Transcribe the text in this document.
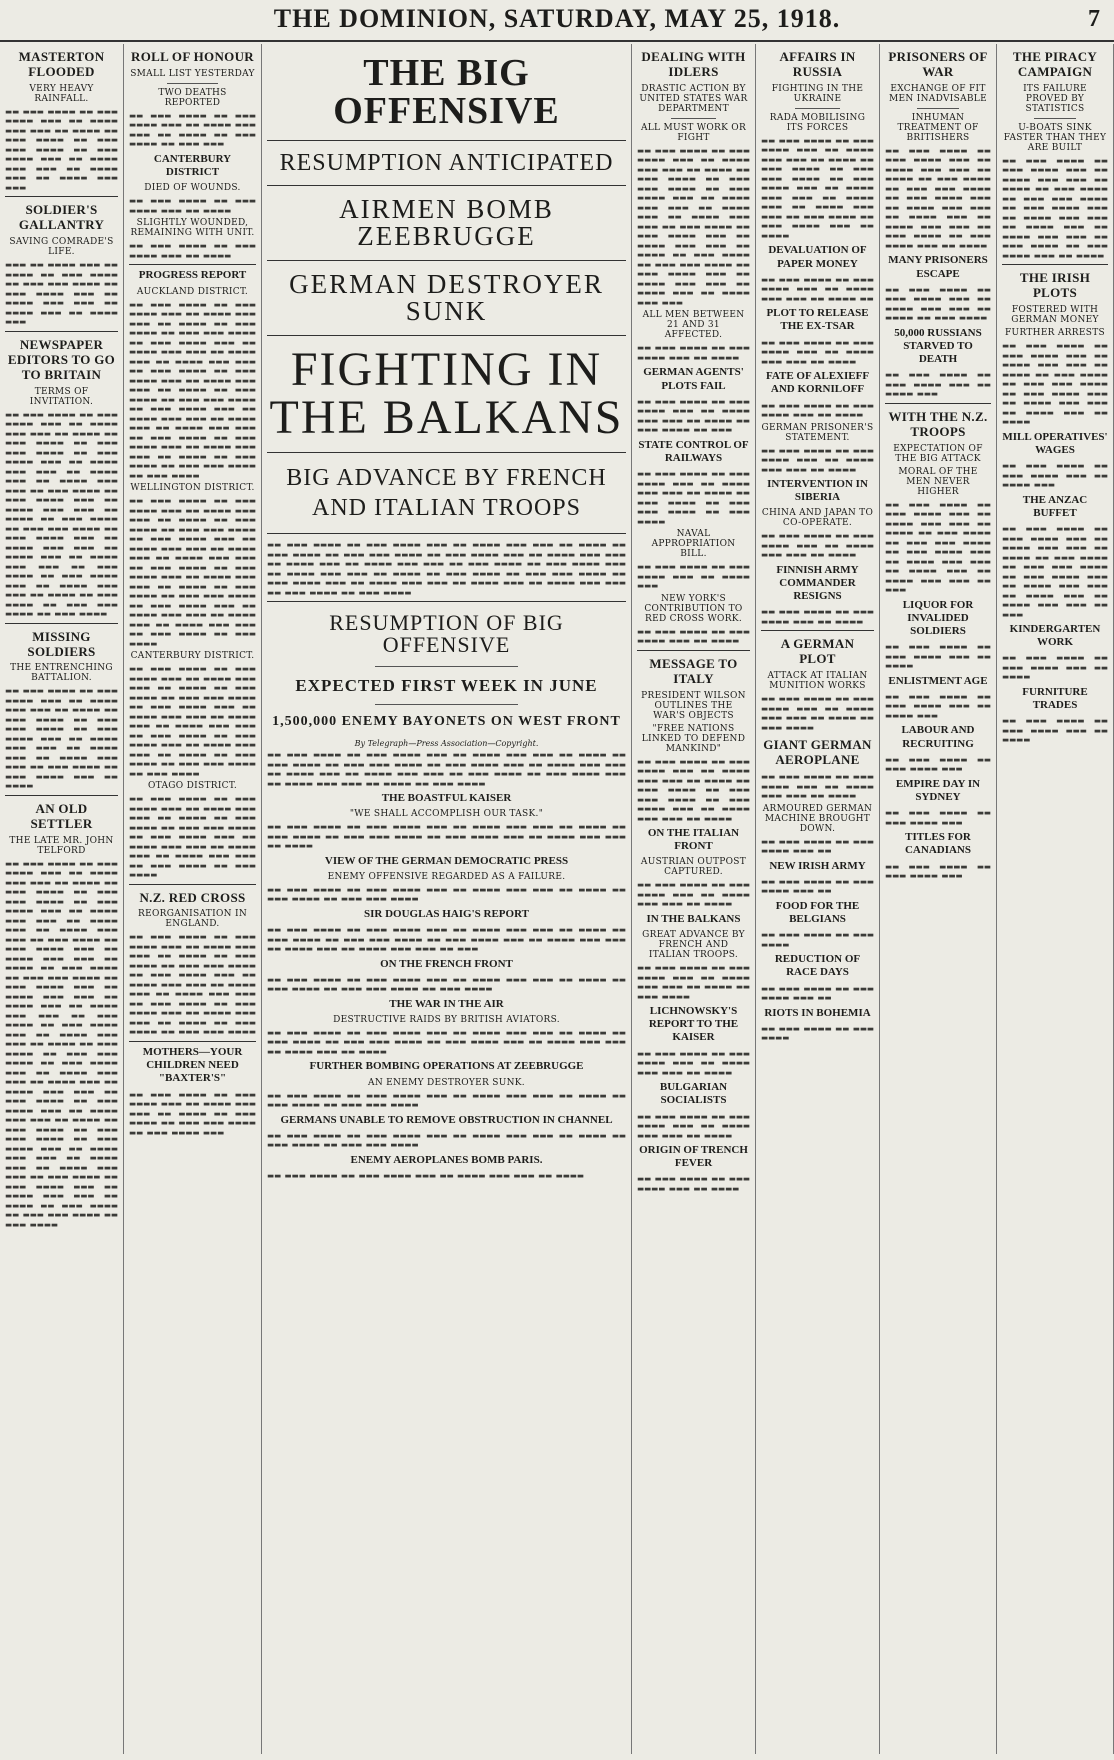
THE DOMINION, SATURDAY, MAY 25, 1918.	7
MASTERTON FLOODED
VERY HEAVY RAINFALL.
▬▬ ▬▬▬ ▬▬▬▬ ▬▬ ▬▬▬ ▬▬▬▬ ▬▬▬ ▬▬ ▬▬▬▬ ▬▬▬ ▬▬▬ ▬▬ ▬▬▬▬ ▬▬ ▬▬▬ ▬▬▬▬ ▬▬ ▬▬▬ ▬▬▬ ▬▬▬▬ ▬▬ ▬▬▬ ▬▬▬▬ ▬▬▬ ▬▬ ▬▬▬▬ ▬▬▬ ▬▬▬ ▬▬ ▬▬▬▬ ▬▬▬ ▬▬ ▬▬▬▬ ▬▬▬ ▬▬▬
SOLDIER'S GALLANTRY
SAVING COMRADE'S LIFE.
▬▬▬ ▬▬ ▬▬▬▬ ▬▬▬ ▬▬ ▬▬▬▬ ▬▬ ▬▬▬ ▬▬▬▬ ▬▬ ▬▬▬ ▬▬▬ ▬▬▬▬ ▬▬ ▬▬▬ ▬▬▬▬ ▬▬▬ ▬▬ ▬▬▬▬ ▬▬▬ ▬▬▬ ▬▬ ▬▬▬▬ ▬▬▬ ▬▬ ▬▬▬▬ ▬▬▬
NEWSPAPER EDITORS TO GO TO BRITAIN
TERMS OF INVITATION.
▬▬ ▬▬▬ ▬▬▬▬ ▬▬ ▬▬▬ ▬▬▬▬ ▬▬▬ ▬▬ ▬▬▬▬ ▬▬▬ ▬▬▬ ▬▬ ▬▬▬▬ ▬▬ ▬▬▬ ▬▬▬▬ ▬▬ ▬▬▬ ▬▬▬ ▬▬▬▬ ▬▬ ▬▬▬ ▬▬▬▬ ▬▬▬ ▬▬ ▬▬▬▬ ▬▬▬ ▬▬▬ ▬▬ ▬▬▬▬ ▬▬▬ ▬▬ ▬▬▬▬ ▬▬▬ ▬▬▬ ▬▬ ▬▬▬ ▬▬▬▬ ▬▬ ▬▬▬ ▬▬▬▬ ▬▬▬ ▬▬ ▬▬▬▬ ▬▬▬ ▬▬▬ ▬▬ ▬▬▬▬ ▬▬ ▬▬▬ ▬▬▬▬ ▬▬ ▬▬▬ ▬▬▬ ▬▬▬▬ ▬▬ ▬▬▬ ▬▬▬▬ ▬▬▬ ▬▬ ▬▬▬▬ ▬▬▬ ▬▬▬ ▬▬ ▬▬▬▬ ▬▬▬ ▬▬ ▬▬▬▬ ▬▬▬ ▬▬▬ ▬▬ ▬▬▬ ▬▬▬▬ ▬▬ ▬▬▬ ▬▬▬▬ ▬▬▬ ▬▬ ▬▬▬▬ ▬▬▬ ▬▬▬ ▬▬ ▬▬▬▬ ▬▬ ▬▬▬ ▬▬▬▬ ▬▬ ▬▬▬ ▬▬▬ ▬▬▬▬ ▬▬ ▬▬▬ ▬▬▬▬
MISSING SOLDIERS
THE ENTRENCHING BATTALION.
▬▬ ▬▬▬ ▬▬▬▬ ▬▬ ▬▬▬ ▬▬▬▬ ▬▬▬ ▬▬ ▬▬▬▬ ▬▬▬ ▬▬▬ ▬▬ ▬▬▬▬ ▬▬ ▬▬▬ ▬▬▬▬ ▬▬ ▬▬▬ ▬▬▬ ▬▬▬▬ ▬▬ ▬▬▬ ▬▬▬▬ ▬▬▬ ▬▬ ▬▬▬▬ ▬▬▬ ▬▬▬ ▬▬ ▬▬▬▬ ▬▬▬ ▬▬ ▬▬▬▬ ▬▬▬ ▬▬▬ ▬▬ ▬▬▬ ▬▬▬▬ ▬▬ ▬▬▬ ▬▬▬▬ ▬▬▬ ▬▬ ▬▬▬▬
AN OLD SETTLER
THE LATE MR. JOHN TELFORD
▬▬ ▬▬▬ ▬▬▬▬ ▬▬ ▬▬▬ ▬▬▬▬ ▬▬▬ ▬▬ ▬▬▬▬ ▬▬▬ ▬▬▬ ▬▬ ▬▬▬▬ ▬▬ ▬▬▬ ▬▬▬▬ ▬▬ ▬▬▬ ▬▬▬ ▬▬▬▬ ▬▬ ▬▬▬ ▬▬▬▬ ▬▬▬ ▬▬ ▬▬▬▬ ▬▬▬ ▬▬▬ ▬▬ ▬▬▬▬ ▬▬▬ ▬▬ ▬▬▬▬ ▬▬▬ ▬▬▬ ▬▬ ▬▬▬ ▬▬▬▬ ▬▬ ▬▬▬ ▬▬▬▬ ▬▬▬ ▬▬ ▬▬▬▬ ▬▬▬ ▬▬▬ ▬▬ ▬▬▬▬ ▬▬ ▬▬▬ ▬▬▬▬ ▬▬ ▬▬▬ ▬▬▬ ▬▬▬▬ ▬▬ ▬▬▬ ▬▬▬▬ ▬▬▬ ▬▬ ▬▬▬▬ ▬▬▬ ▬▬▬ ▬▬ ▬▬▬▬ ▬▬▬ ▬▬ ▬▬▬▬ ▬▬▬ ▬▬▬ ▬▬ ▬▬▬ ▬▬▬▬ ▬▬ ▬▬▬ ▬▬▬▬ ▬▬▬ ▬▬ ▬▬▬▬ ▬▬▬ ▬▬▬ ▬▬ ▬▬▬▬ ▬▬ ▬▬▬ ▬▬▬▬ ▬▬ ▬▬▬ ▬▬▬ ▬▬▬▬ ▬▬ ▬▬▬ ▬▬▬▬ ▬▬▬ ▬▬ ▬▬▬▬ ▬▬▬ ▬▬▬ ▬▬ ▬▬▬▬ ▬▬▬ ▬▬ ▬▬▬▬ ▬▬▬ ▬▬▬ ▬▬ ▬▬▬ ▬▬▬▬ ▬▬ ▬▬▬ ▬▬▬▬ ▬▬▬ ▬▬ ▬▬▬▬ ▬▬▬ ▬▬▬ ▬▬ ▬▬▬▬ ▬▬ ▬▬▬ ▬▬▬▬ ▬▬ ▬▬▬ ▬▬▬ ▬▬▬▬ ▬▬ ▬▬▬ ▬▬▬▬ ▬▬▬ ▬▬ ▬▬▬▬ ▬▬▬ ▬▬▬ ▬▬ ▬▬▬▬ ▬▬▬ ▬▬ ▬▬▬▬ ▬▬▬ ▬▬▬ ▬▬ ▬▬▬ ▬▬▬▬ ▬▬ ▬▬▬ ▬▬▬▬ ▬▬▬ ▬▬ ▬▬▬▬ ▬▬▬ ▬▬▬ ▬▬ ▬▬▬▬ ▬▬ ▬▬▬ ▬▬▬▬ ▬▬ ▬▬▬ ▬▬▬ ▬▬▬▬ ▬▬ ▬▬▬ ▬▬▬▬
ROLL OF HONOUR
SMALL LIST YESTERDAY
TWO DEATHS REPORTED
▬▬ ▬▬▬ ▬▬▬▬ ▬▬ ▬▬▬ ▬▬▬▬ ▬▬▬ ▬▬ ▬▬▬▬ ▬▬▬ ▬▬▬ ▬▬ ▬▬▬▬ ▬▬ ▬▬▬ ▬▬▬▬ ▬▬ ▬▬▬ ▬▬▬
CANTERBURY DISTRICT
DIED OF WOUNDS.
▬▬ ▬▬▬ ▬▬▬▬ ▬▬ ▬▬▬ ▬▬▬▬ ▬▬▬ ▬▬ ▬▬▬▬
SLIGHTLY WOUNDED, REMAINING WITH UNIT.
▬▬ ▬▬▬ ▬▬▬▬ ▬▬ ▬▬▬ ▬▬▬▬ ▬▬▬ ▬▬ ▬▬▬▬
PROGRESS REPORT
AUCKLAND DISTRICT.
▬▬ ▬▬▬ ▬▬▬▬ ▬▬ ▬▬▬ ▬▬▬▬ ▬▬▬ ▬▬ ▬▬▬▬ ▬▬▬ ▬▬▬ ▬▬ ▬▬▬▬ ▬▬ ▬▬▬ ▬▬▬▬ ▬▬ ▬▬▬ ▬▬▬ ▬▬▬▬ ▬▬ ▬▬▬ ▬▬▬▬ ▬▬▬ ▬▬ ▬▬▬▬ ▬▬▬ ▬▬▬ ▬▬ ▬▬▬▬ ▬▬▬ ▬▬ ▬▬▬▬ ▬▬▬ ▬▬▬ ▬▬ ▬▬▬ ▬▬▬▬ ▬▬ ▬▬▬ ▬▬▬▬ ▬▬▬ ▬▬ ▬▬▬▬ ▬▬▬ ▬▬▬ ▬▬ ▬▬▬▬ ▬▬ ▬▬▬ ▬▬▬▬ ▬▬ ▬▬▬ ▬▬▬ ▬▬▬▬ ▬▬ ▬▬▬ ▬▬▬▬ ▬▬▬ ▬▬ ▬▬▬▬ ▬▬▬ ▬▬▬ ▬▬ ▬▬▬▬ ▬▬▬ ▬▬ ▬▬▬▬ ▬▬▬ ▬▬▬ ▬▬ ▬▬▬ ▬▬▬▬ ▬▬ ▬▬▬ ▬▬▬▬ ▬▬▬ ▬▬ ▬▬▬▬ ▬▬▬ ▬▬▬ ▬▬ ▬▬▬▬ ▬▬ ▬▬▬ ▬▬▬▬ ▬▬ ▬▬▬ ▬▬▬ ▬▬▬▬ ▬▬ ▬▬▬ ▬▬▬▬
WELLINGTON DISTRICT.
▬▬ ▬▬▬ ▬▬▬▬ ▬▬ ▬▬▬ ▬▬▬▬ ▬▬▬ ▬▬ ▬▬▬▬ ▬▬▬ ▬▬▬ ▬▬ ▬▬▬▬ ▬▬ ▬▬▬ ▬▬▬▬ ▬▬ ▬▬▬ ▬▬▬ ▬▬▬▬ ▬▬ ▬▬▬ ▬▬▬▬ ▬▬▬ ▬▬ ▬▬▬▬ ▬▬▬ ▬▬▬ ▬▬ ▬▬▬▬ ▬▬▬ ▬▬ ▬▬▬▬ ▬▬▬ ▬▬▬ ▬▬ ▬▬▬ ▬▬▬▬ ▬▬ ▬▬▬ ▬▬▬▬ ▬▬▬ ▬▬ ▬▬▬▬ ▬▬▬ ▬▬▬ ▬▬ ▬▬▬▬ ▬▬ ▬▬▬ ▬▬▬▬ ▬▬ ▬▬▬ ▬▬▬ ▬▬▬▬ ▬▬ ▬▬▬ ▬▬▬▬ ▬▬▬ ▬▬ ▬▬▬▬ ▬▬▬ ▬▬▬ ▬▬ ▬▬▬▬ ▬▬▬ ▬▬ ▬▬▬▬ ▬▬▬ ▬▬▬ ▬▬ ▬▬▬ ▬▬▬▬ ▬▬ ▬▬▬ ▬▬▬▬
CANTERBURY DISTRICT.
▬▬ ▬▬▬ ▬▬▬▬ ▬▬ ▬▬▬ ▬▬▬▬ ▬▬▬ ▬▬ ▬▬▬▬ ▬▬▬ ▬▬▬ ▬▬ ▬▬▬▬ ▬▬ ▬▬▬ ▬▬▬▬ ▬▬ ▬▬▬ ▬▬▬ ▬▬▬▬ ▬▬ ▬▬▬ ▬▬▬▬ ▬▬▬ ▬▬ ▬▬▬▬ ▬▬▬ ▬▬▬ ▬▬ ▬▬▬▬ ▬▬▬ ▬▬ ▬▬▬▬ ▬▬▬ ▬▬▬ ▬▬ ▬▬▬ ▬▬▬▬ ▬▬ ▬▬▬ ▬▬▬▬ ▬▬▬ ▬▬ ▬▬▬▬ ▬▬▬ ▬▬▬ ▬▬ ▬▬▬▬ ▬▬ ▬▬▬ ▬▬▬▬ ▬▬ ▬▬▬ ▬▬▬ ▬▬▬▬ ▬▬ ▬▬▬ ▬▬▬▬
OTAGO DISTRICT.
▬▬ ▬▬▬ ▬▬▬▬ ▬▬ ▬▬▬ ▬▬▬▬ ▬▬▬ ▬▬ ▬▬▬▬ ▬▬▬ ▬▬▬ ▬▬ ▬▬▬▬ ▬▬ ▬▬▬ ▬▬▬▬ ▬▬ ▬▬▬ ▬▬▬ ▬▬▬▬ ▬▬ ▬▬▬ ▬▬▬▬ ▬▬▬ ▬▬ ▬▬▬▬ ▬▬▬ ▬▬▬ ▬▬ ▬▬▬▬ ▬▬▬ ▬▬ ▬▬▬▬ ▬▬▬ ▬▬▬ ▬▬ ▬▬▬ ▬▬▬▬ ▬▬ ▬▬▬ ▬▬▬▬
N.Z. RED CROSS
REORGANISATION IN ENGLAND.
▬▬ ▬▬▬ ▬▬▬▬ ▬▬ ▬▬▬ ▬▬▬▬ ▬▬▬ ▬▬ ▬▬▬▬ ▬▬▬ ▬▬▬ ▬▬ ▬▬▬▬ ▬▬ ▬▬▬ ▬▬▬▬ ▬▬ ▬▬▬ ▬▬▬ ▬▬▬▬ ▬▬ ▬▬▬ ▬▬▬▬ ▬▬▬ ▬▬ ▬▬▬▬ ▬▬▬ ▬▬▬ ▬▬ ▬▬▬▬ ▬▬▬ ▬▬ ▬▬▬▬ ▬▬▬ ▬▬▬ ▬▬ ▬▬▬ ▬▬▬▬ ▬▬ ▬▬▬ ▬▬▬▬ ▬▬▬ ▬▬ ▬▬▬▬ ▬▬▬ ▬▬▬ ▬▬ ▬▬▬▬ ▬▬ ▬▬▬ ▬▬▬▬ ▬▬ ▬▬▬ ▬▬▬ ▬▬▬▬
MOTHERS—YOUR CHILDREN NEED "BAXTER'S"
▬▬ ▬▬▬ ▬▬▬▬ ▬▬ ▬▬▬ ▬▬▬▬ ▬▬▬ ▬▬ ▬▬▬▬ ▬▬▬ ▬▬▬ ▬▬ ▬▬▬▬ ▬▬ ▬▬▬ ▬▬▬▬ ▬▬ ▬▬▬ ▬▬▬ ▬▬▬▬ ▬▬ ▬▬▬ ▬▬▬▬ ▬▬▬
THE BIG OFFENSIVE
RESUMPTION ANTICIPATED
AIRMEN BOMB ZEEBRUGGE
GERMAN DESTROYER SUNK
FIGHTING IN THE BALKANS
BIG ADVANCE BY FRENCH AND ITALIAN TROOPS
▬▬ ▬▬▬ ▬▬▬▬ ▬▬ ▬▬▬ ▬▬▬▬ ▬▬▬ ▬▬ ▬▬▬▬ ▬▬▬ ▬▬▬ ▬▬ ▬▬▬▬ ▬▬ ▬▬▬ ▬▬▬▬ ▬▬ ▬▬▬ ▬▬▬ ▬▬▬▬ ▬▬ ▬▬▬ ▬▬▬▬ ▬▬▬ ▬▬ ▬▬▬▬ ▬▬▬ ▬▬▬ ▬▬ ▬▬▬▬ ▬▬▬ ▬▬ ▬▬▬▬ ▬▬▬ ▬▬▬ ▬▬ ▬▬▬ ▬▬▬▬ ▬▬ ▬▬▬ ▬▬▬▬ ▬▬▬ ▬▬ ▬▬▬▬ ▬▬▬ ▬▬▬ ▬▬ ▬▬▬▬ ▬▬ ▬▬▬ ▬▬▬▬ ▬▬ ▬▬▬ ▬▬▬ ▬▬▬▬ ▬▬ ▬▬▬ ▬▬▬▬ ▬▬▬ ▬▬ ▬▬▬▬ ▬▬▬ ▬▬▬ ▬▬ ▬▬▬▬ ▬▬▬ ▬▬ ▬▬▬▬ ▬▬▬ ▬▬▬ ▬▬ ▬▬▬ ▬▬▬▬ ▬▬ ▬▬▬ ▬▬▬▬
RESUMPTION OF BIG OFFENSIVE
EXPECTED FIRST WEEK IN JUNE
1,500,000 ENEMY BAYONETS ON WEST FRONT
By Telegraph—Press Association—Copyright.
▬▬ ▬▬▬ ▬▬▬▬ ▬▬ ▬▬▬ ▬▬▬▬ ▬▬▬ ▬▬ ▬▬▬▬ ▬▬▬ ▬▬▬ ▬▬ ▬▬▬▬ ▬▬ ▬▬▬ ▬▬▬▬ ▬▬ ▬▬▬ ▬▬▬ ▬▬▬▬ ▬▬ ▬▬▬ ▬▬▬▬ ▬▬▬ ▬▬ ▬▬▬▬ ▬▬▬ ▬▬▬ ▬▬ ▬▬▬▬ ▬▬▬ ▬▬ ▬▬▬▬ ▬▬▬ ▬▬▬ ▬▬ ▬▬▬ ▬▬▬▬ ▬▬ ▬▬▬ ▬▬▬▬ ▬▬▬ ▬▬ ▬▬▬▬ ▬▬▬ ▬▬▬ ▬▬ ▬▬▬▬ ▬▬ ▬▬▬ ▬▬▬▬
THE BOASTFUL KAISER
"WE SHALL ACCOMPLISH OUR TASK."
▬▬ ▬▬▬ ▬▬▬▬ ▬▬ ▬▬▬ ▬▬▬▬ ▬▬▬ ▬▬ ▬▬▬▬ ▬▬▬ ▬▬▬ ▬▬ ▬▬▬▬ ▬▬ ▬▬▬ ▬▬▬▬ ▬▬ ▬▬▬ ▬▬▬ ▬▬▬▬ ▬▬ ▬▬▬ ▬▬▬▬ ▬▬▬ ▬▬ ▬▬▬▬ ▬▬▬ ▬▬▬ ▬▬ ▬▬▬▬
VIEW OF THE GERMAN DEMOCRATIC PRESS
ENEMY OFFENSIVE REGARDED AS A FAILURE.
▬▬ ▬▬▬ ▬▬▬▬ ▬▬ ▬▬▬ ▬▬▬▬ ▬▬▬ ▬▬ ▬▬▬▬ ▬▬▬ ▬▬▬ ▬▬ ▬▬▬▬ ▬▬ ▬▬▬ ▬▬▬▬ ▬▬ ▬▬▬ ▬▬▬ ▬▬▬▬
SIR DOUGLAS HAIG'S REPORT
▬▬ ▬▬▬ ▬▬▬▬ ▬▬ ▬▬▬ ▬▬▬▬ ▬▬▬ ▬▬ ▬▬▬▬ ▬▬▬ ▬▬▬ ▬▬ ▬▬▬▬ ▬▬ ▬▬▬ ▬▬▬▬ ▬▬ ▬▬▬ ▬▬▬ ▬▬▬▬ ▬▬ ▬▬▬ ▬▬▬▬ ▬▬▬ ▬▬ ▬▬▬▬ ▬▬▬ ▬▬▬ ▬▬ ▬▬▬▬ ▬▬▬ ▬▬ ▬▬▬▬ ▬▬▬ ▬▬▬ ▬▬ ▬▬▬
ON THE FRENCH FRONT
▬▬ ▬▬▬ ▬▬▬▬ ▬▬ ▬▬▬ ▬▬▬▬ ▬▬▬ ▬▬ ▬▬▬▬ ▬▬▬ ▬▬▬ ▬▬ ▬▬▬▬ ▬▬ ▬▬▬ ▬▬▬▬ ▬▬ ▬▬▬ ▬▬▬ ▬▬▬▬ ▬▬ ▬▬▬ ▬▬▬▬
THE WAR IN THE AIR
DESTRUCTIVE RAIDS BY BRITISH AVIATORS.
▬▬ ▬▬▬ ▬▬▬▬ ▬▬ ▬▬▬ ▬▬▬▬ ▬▬▬ ▬▬ ▬▬▬▬ ▬▬▬ ▬▬▬ ▬▬ ▬▬▬▬ ▬▬ ▬▬▬ ▬▬▬▬ ▬▬ ▬▬▬ ▬▬▬ ▬▬▬▬ ▬▬ ▬▬▬ ▬▬▬▬ ▬▬▬ ▬▬ ▬▬▬▬ ▬▬▬ ▬▬▬ ▬▬ ▬▬▬▬ ▬▬▬ ▬▬ ▬▬▬▬
FURTHER BOMBING OPERATIONS AT ZEEBRUGGE
AN ENEMY DESTROYER SUNK.
▬▬ ▬▬▬ ▬▬▬▬ ▬▬ ▬▬▬ ▬▬▬▬ ▬▬▬ ▬▬ ▬▬▬▬ ▬▬▬ ▬▬▬ ▬▬ ▬▬▬▬ ▬▬ ▬▬▬ ▬▬▬▬ ▬▬ ▬▬▬ ▬▬▬ ▬▬▬▬
GERMANS UNABLE TO REMOVE OBSTRUCTION IN CHANNEL
▬▬ ▬▬▬ ▬▬▬▬ ▬▬ ▬▬▬ ▬▬▬▬ ▬▬▬ ▬▬ ▬▬▬▬ ▬▬▬ ▬▬▬ ▬▬ ▬▬▬▬ ▬▬ ▬▬▬ ▬▬▬▬ ▬▬ ▬▬▬ ▬▬▬ ▬▬▬▬
ENEMY AEROPLANES BOMB PARIS.
▬▬ ▬▬▬ ▬▬▬▬ ▬▬ ▬▬▬ ▬▬▬▬ ▬▬▬ ▬▬ ▬▬▬▬ ▬▬▬ ▬▬▬ ▬▬ ▬▬▬▬
DEALING WITH IDLERS
DRASTIC ACTION BY UNITED STATES WAR DEPARTMENT
ALL MUST WORK OR FIGHT
▬▬ ▬▬▬ ▬▬▬▬ ▬▬ ▬▬▬ ▬▬▬▬ ▬▬▬ ▬▬ ▬▬▬▬ ▬▬▬ ▬▬▬ ▬▬ ▬▬▬▬ ▬▬ ▬▬▬ ▬▬▬▬ ▬▬ ▬▬▬ ▬▬▬ ▬▬▬▬ ▬▬ ▬▬▬ ▬▬▬▬ ▬▬▬ ▬▬ ▬▬▬▬ ▬▬▬ ▬▬▬ ▬▬ ▬▬▬▬ ▬▬▬ ▬▬ ▬▬▬▬ ▬▬▬ ▬▬▬ ▬▬ ▬▬▬ ▬▬▬▬ ▬▬ ▬▬▬ ▬▬▬▬ ▬▬▬ ▬▬ ▬▬▬▬ ▬▬▬ ▬▬▬ ▬▬ ▬▬▬▬ ▬▬ ▬▬▬ ▬▬▬▬ ▬▬ ▬▬▬ ▬▬▬ ▬▬▬▬ ▬▬ ▬▬▬ ▬▬▬▬ ▬▬▬ ▬▬ ▬▬▬▬ ▬▬▬ ▬▬▬ ▬▬ ▬▬▬▬ ▬▬▬ ▬▬ ▬▬▬▬ ▬▬▬ ▬▬▬
ALL MEN BETWEEN 21 AND 31 AFFECTED.
▬▬ ▬▬▬ ▬▬▬▬ ▬▬ ▬▬▬ ▬▬▬▬ ▬▬▬ ▬▬ ▬▬▬▬
GERMAN AGENTS' PLOTS FAIL
▬▬ ▬▬▬ ▬▬▬▬ ▬▬ ▬▬▬ ▬▬▬▬ ▬▬▬ ▬▬ ▬▬▬▬ ▬▬▬ ▬▬▬ ▬▬ ▬▬▬▬ ▬▬ ▬▬▬ ▬▬▬▬ ▬▬ ▬▬▬
STATE CONTROL OF RAILWAYS
▬▬ ▬▬▬ ▬▬▬▬ ▬▬ ▬▬▬ ▬▬▬▬ ▬▬▬ ▬▬ ▬▬▬▬ ▬▬▬ ▬▬▬ ▬▬ ▬▬▬▬ ▬▬ ▬▬▬ ▬▬▬▬ ▬▬ ▬▬▬ ▬▬▬ ▬▬▬▬ ▬▬ ▬▬▬ ▬▬▬▬
NAVAL APPROPRIATION BILL.
▬▬ ▬▬▬ ▬▬▬▬ ▬▬ ▬▬▬ ▬▬▬▬ ▬▬▬ ▬▬ ▬▬▬▬ ▬▬▬
NEW YORK'S CONTRIBUTION TO RED CROSS WORK.
▬▬ ▬▬▬ ▬▬▬▬ ▬▬ ▬▬▬ ▬▬▬▬ ▬▬▬ ▬▬ ▬▬▬▬
MESSAGE TO ITALY
PRESIDENT WILSON OUTLINES THE WAR'S OBJECTS
"FREE NATIONS LINKED TO DEFEND MANKIND"
▬▬ ▬▬▬ ▬▬▬▬ ▬▬ ▬▬▬ ▬▬▬▬ ▬▬▬ ▬▬ ▬▬▬▬ ▬▬▬ ▬▬▬ ▬▬ ▬▬▬▬ ▬▬ ▬▬▬ ▬▬▬▬ ▬▬ ▬▬▬ ▬▬▬ ▬▬▬▬ ▬▬ ▬▬▬ ▬▬▬▬ ▬▬▬ ▬▬ ▬▬▬▬ ▬▬▬ ▬▬▬ ▬▬ ▬▬▬▬
ON THE ITALIAN FRONT
AUSTRIAN OUTPOST CAPTURED.
▬▬ ▬▬▬ ▬▬▬▬ ▬▬ ▬▬▬ ▬▬▬▬ ▬▬▬ ▬▬ ▬▬▬▬ ▬▬▬ ▬▬▬ ▬▬ ▬▬▬▬
IN THE BALKANS
GREAT ADVANCE BY FRENCH AND ITALIAN TROOPS.
▬▬ ▬▬▬ ▬▬▬▬ ▬▬ ▬▬▬ ▬▬▬▬ ▬▬▬ ▬▬ ▬▬▬▬ ▬▬▬ ▬▬▬ ▬▬ ▬▬▬▬ ▬▬ ▬▬▬ ▬▬▬▬
LICHNOWSKY'S REPORT TO THE KAISER
▬▬ ▬▬▬ ▬▬▬▬ ▬▬ ▬▬▬ ▬▬▬▬ ▬▬▬ ▬▬ ▬▬▬▬ ▬▬▬ ▬▬▬ ▬▬ ▬▬▬▬
BULGARIAN SOCIALISTS
▬▬ ▬▬▬ ▬▬▬▬ ▬▬ ▬▬▬ ▬▬▬▬ ▬▬▬ ▬▬ ▬▬▬▬ ▬▬▬ ▬▬▬ ▬▬ ▬▬▬▬
ORIGIN OF TRENCH FEVER
▬▬ ▬▬▬ ▬▬▬▬ ▬▬ ▬▬▬ ▬▬▬▬ ▬▬▬ ▬▬ ▬▬▬▬
AFFAIRS IN RUSSIA
FIGHTING IN THE UKRAINE
RADA MOBILISING ITS FORCES
▬▬ ▬▬▬ ▬▬▬▬ ▬▬ ▬▬▬ ▬▬▬▬ ▬▬▬ ▬▬ ▬▬▬▬ ▬▬▬ ▬▬▬ ▬▬ ▬▬▬▬ ▬▬ ▬▬▬ ▬▬▬▬ ▬▬ ▬▬▬ ▬▬▬ ▬▬▬▬ ▬▬ ▬▬▬ ▬▬▬▬ ▬▬▬ ▬▬ ▬▬▬▬ ▬▬▬ ▬▬▬ ▬▬ ▬▬▬▬ ▬▬▬ ▬▬ ▬▬▬▬ ▬▬▬ ▬▬▬ ▬▬ ▬▬▬ ▬▬▬▬ ▬▬ ▬▬▬ ▬▬▬▬ ▬▬▬ ▬▬ ▬▬▬▬
DEVALUATION OF PAPER MONEY
▬▬ ▬▬▬ ▬▬▬▬ ▬▬ ▬▬▬ ▬▬▬▬ ▬▬▬ ▬▬ ▬▬▬▬ ▬▬▬ ▬▬▬ ▬▬ ▬▬▬▬ ▬▬
PLOT TO RELEASE THE EX-TSAR
▬▬ ▬▬▬ ▬▬▬▬ ▬▬ ▬▬▬ ▬▬▬▬ ▬▬▬ ▬▬ ▬▬▬▬ ▬▬▬ ▬▬▬ ▬▬ ▬▬▬▬
FATE OF ALEXIEFF AND KORNILOFF
▬▬ ▬▬▬ ▬▬▬▬ ▬▬ ▬▬▬ ▬▬▬▬ ▬▬▬ ▬▬ ▬▬▬▬
GERMAN PRISONER'S STATEMENT.
▬▬ ▬▬▬ ▬▬▬▬ ▬▬ ▬▬▬ ▬▬▬▬ ▬▬▬ ▬▬ ▬▬▬▬ ▬▬▬ ▬▬▬ ▬▬ ▬▬▬▬
INTERVENTION IN SIBERIA
CHINA AND JAPAN TO CO-OPERATE.
▬▬ ▬▬▬ ▬▬▬▬ ▬▬ ▬▬▬ ▬▬▬▬ ▬▬▬ ▬▬ ▬▬▬▬ ▬▬▬ ▬▬▬ ▬▬ ▬▬▬▬
FINNISH ARMY COMMANDER RESIGNS
▬▬ ▬▬▬ ▬▬▬▬ ▬▬ ▬▬▬ ▬▬▬▬ ▬▬▬ ▬▬ ▬▬▬▬
A GERMAN PLOT
ATTACK AT ITALIAN MUNITION WORKS
▬▬ ▬▬▬ ▬▬▬▬ ▬▬ ▬▬▬ ▬▬▬▬ ▬▬▬ ▬▬ ▬▬▬▬ ▬▬▬ ▬▬▬ ▬▬ ▬▬▬▬ ▬▬ ▬▬▬ ▬▬▬▬
GIANT GERMAN AEROPLANE
▬▬ ▬▬▬ ▬▬▬▬ ▬▬ ▬▬▬ ▬▬▬▬ ▬▬▬ ▬▬ ▬▬▬▬ ▬▬▬ ▬▬▬ ▬▬ ▬▬▬▬
ARMOURED GERMAN MACHINE BROUGHT DOWN.
▬▬ ▬▬▬ ▬▬▬▬ ▬▬ ▬▬▬ ▬▬▬▬ ▬▬▬ ▬▬
NEW IRISH ARMY
▬▬ ▬▬▬ ▬▬▬▬ ▬▬ ▬▬▬ ▬▬▬▬ ▬▬▬ ▬▬
FOOD FOR THE BELGIANS
▬▬ ▬▬▬ ▬▬▬▬ ▬▬ ▬▬▬ ▬▬▬▬
REDUCTION OF RACE DAYS
▬▬ ▬▬▬ ▬▬▬▬ ▬▬ ▬▬▬ ▬▬▬▬ ▬▬▬ ▬▬
RIOTS IN BOHEMIA
▬▬ ▬▬▬ ▬▬▬▬ ▬▬ ▬▬▬ ▬▬▬▬
PRISONERS OF WAR
EXCHANGE OF FIT MEN INADVISABLE
INHUMAN TREATMENT OF BRITISHERS
▬▬ ▬▬▬ ▬▬▬▬ ▬▬ ▬▬▬ ▬▬▬▬ ▬▬▬ ▬▬ ▬▬▬▬ ▬▬▬ ▬▬▬ ▬▬ ▬▬▬▬ ▬▬ ▬▬▬ ▬▬▬▬ ▬▬ ▬▬▬ ▬▬▬ ▬▬▬▬ ▬▬ ▬▬▬ ▬▬▬▬ ▬▬▬ ▬▬ ▬▬▬▬ ▬▬▬ ▬▬▬ ▬▬ ▬▬▬▬ ▬▬▬ ▬▬ ▬▬▬▬ ▬▬▬ ▬▬▬ ▬▬ ▬▬▬ ▬▬▬▬ ▬▬ ▬▬▬ ▬▬▬▬ ▬▬▬ ▬▬ ▬▬▬▬
MANY PRISONERS ESCAPE
▬▬ ▬▬▬ ▬▬▬▬ ▬▬ ▬▬▬ ▬▬▬▬ ▬▬▬ ▬▬ ▬▬▬▬ ▬▬▬ ▬▬▬ ▬▬ ▬▬▬▬ ▬▬ ▬▬▬ ▬▬▬▬
50,000 RUSSIANS STARVED TO DEATH
▬▬ ▬▬▬ ▬▬▬▬ ▬▬ ▬▬▬ ▬▬▬▬ ▬▬▬ ▬▬ ▬▬▬▬ ▬▬▬
WITH THE N.Z. TROOPS
EXPECTATION OF THE BIG ATTACK
MORAL OF THE MEN NEVER HIGHER
▬▬ ▬▬▬ ▬▬▬▬ ▬▬ ▬▬▬ ▬▬▬▬ ▬▬▬ ▬▬ ▬▬▬▬ ▬▬▬ ▬▬▬ ▬▬ ▬▬▬▬ ▬▬ ▬▬▬ ▬▬▬▬ ▬▬ ▬▬▬ ▬▬▬ ▬▬▬▬ ▬▬ ▬▬▬ ▬▬▬▬ ▬▬▬ ▬▬ ▬▬▬▬ ▬▬▬ ▬▬▬ ▬▬ ▬▬▬▬ ▬▬▬ ▬▬ ▬▬▬▬ ▬▬▬ ▬▬▬ ▬▬ ▬▬▬
LIQUOR FOR INVALIDED SOLDIERS
▬▬ ▬▬▬ ▬▬▬▬ ▬▬ ▬▬▬ ▬▬▬▬ ▬▬▬ ▬▬ ▬▬▬▬
ENLISTMENT AGE
▬▬ ▬▬▬ ▬▬▬▬ ▬▬ ▬▬▬ ▬▬▬▬ ▬▬▬ ▬▬ ▬▬▬▬ ▬▬▬
LABOUR AND RECRUITING
▬▬ ▬▬▬ ▬▬▬▬ ▬▬ ▬▬▬ ▬▬▬▬ ▬▬▬
EMPIRE DAY IN SYDNEY
▬▬ ▬▬▬ ▬▬▬▬ ▬▬ ▬▬▬ ▬▬▬▬ ▬▬▬
TITLES FOR CANADIANS
▬▬ ▬▬▬ ▬▬▬▬ ▬▬ ▬▬▬ ▬▬▬▬ ▬▬▬
THE PIRACY CAMPAIGN
ITS FAILURE PROVED BY STATISTICS
U-BOATS SINK FASTER THAN THEY ARE BUILT
▬▬ ▬▬▬ ▬▬▬▬ ▬▬ ▬▬▬ ▬▬▬▬ ▬▬▬ ▬▬ ▬▬▬▬ ▬▬▬ ▬▬▬ ▬▬ ▬▬▬▬ ▬▬ ▬▬▬ ▬▬▬▬ ▬▬ ▬▬▬ ▬▬▬ ▬▬▬▬ ▬▬ ▬▬▬ ▬▬▬▬ ▬▬▬ ▬▬ ▬▬▬▬ ▬▬▬ ▬▬▬ ▬▬ ▬▬▬▬ ▬▬▬ ▬▬ ▬▬▬▬ ▬▬▬ ▬▬▬ ▬▬ ▬▬▬ ▬▬▬▬ ▬▬ ▬▬▬ ▬▬▬▬ ▬▬▬ ▬▬ ▬▬▬▬
THE IRISH PLOTS
FOSTERED WITH GERMAN MONEY
FURTHER ARRESTS
▬▬ ▬▬▬ ▬▬▬▬ ▬▬ ▬▬▬ ▬▬▬▬ ▬▬▬ ▬▬ ▬▬▬▬ ▬▬▬ ▬▬▬ ▬▬ ▬▬▬▬ ▬▬ ▬▬▬ ▬▬▬▬ ▬▬ ▬▬▬ ▬▬▬ ▬▬▬▬ ▬▬ ▬▬▬ ▬▬▬▬ ▬▬▬ ▬▬ ▬▬▬▬ ▬▬▬ ▬▬▬ ▬▬ ▬▬▬▬ ▬▬▬ ▬▬ ▬▬▬▬
MILL OPERATIVES' WAGES
▬▬ ▬▬▬ ▬▬▬▬ ▬▬ ▬▬▬ ▬▬▬▬ ▬▬▬ ▬▬ ▬▬▬▬ ▬▬▬
THE ANZAC BUFFET
▬▬ ▬▬▬ ▬▬▬▬ ▬▬ ▬▬▬ ▬▬▬▬ ▬▬▬ ▬▬ ▬▬▬▬ ▬▬▬ ▬▬▬ ▬▬ ▬▬▬▬ ▬▬ ▬▬▬ ▬▬▬▬ ▬▬ ▬▬▬ ▬▬▬ ▬▬▬▬ ▬▬ ▬▬▬ ▬▬▬▬ ▬▬▬ ▬▬ ▬▬▬▬ ▬▬▬ ▬▬▬ ▬▬ ▬▬▬▬ ▬▬▬ ▬▬ ▬▬▬▬ ▬▬▬ ▬▬▬ ▬▬ ▬▬▬
KINDERGARTEN WORK
▬▬ ▬▬▬ ▬▬▬▬ ▬▬ ▬▬▬ ▬▬▬▬ ▬▬▬ ▬▬ ▬▬▬▬
FURNITURE TRADES
▬▬ ▬▬▬ ▬▬▬▬ ▬▬ ▬▬▬ ▬▬▬▬ ▬▬▬ ▬▬ ▬▬▬▬
